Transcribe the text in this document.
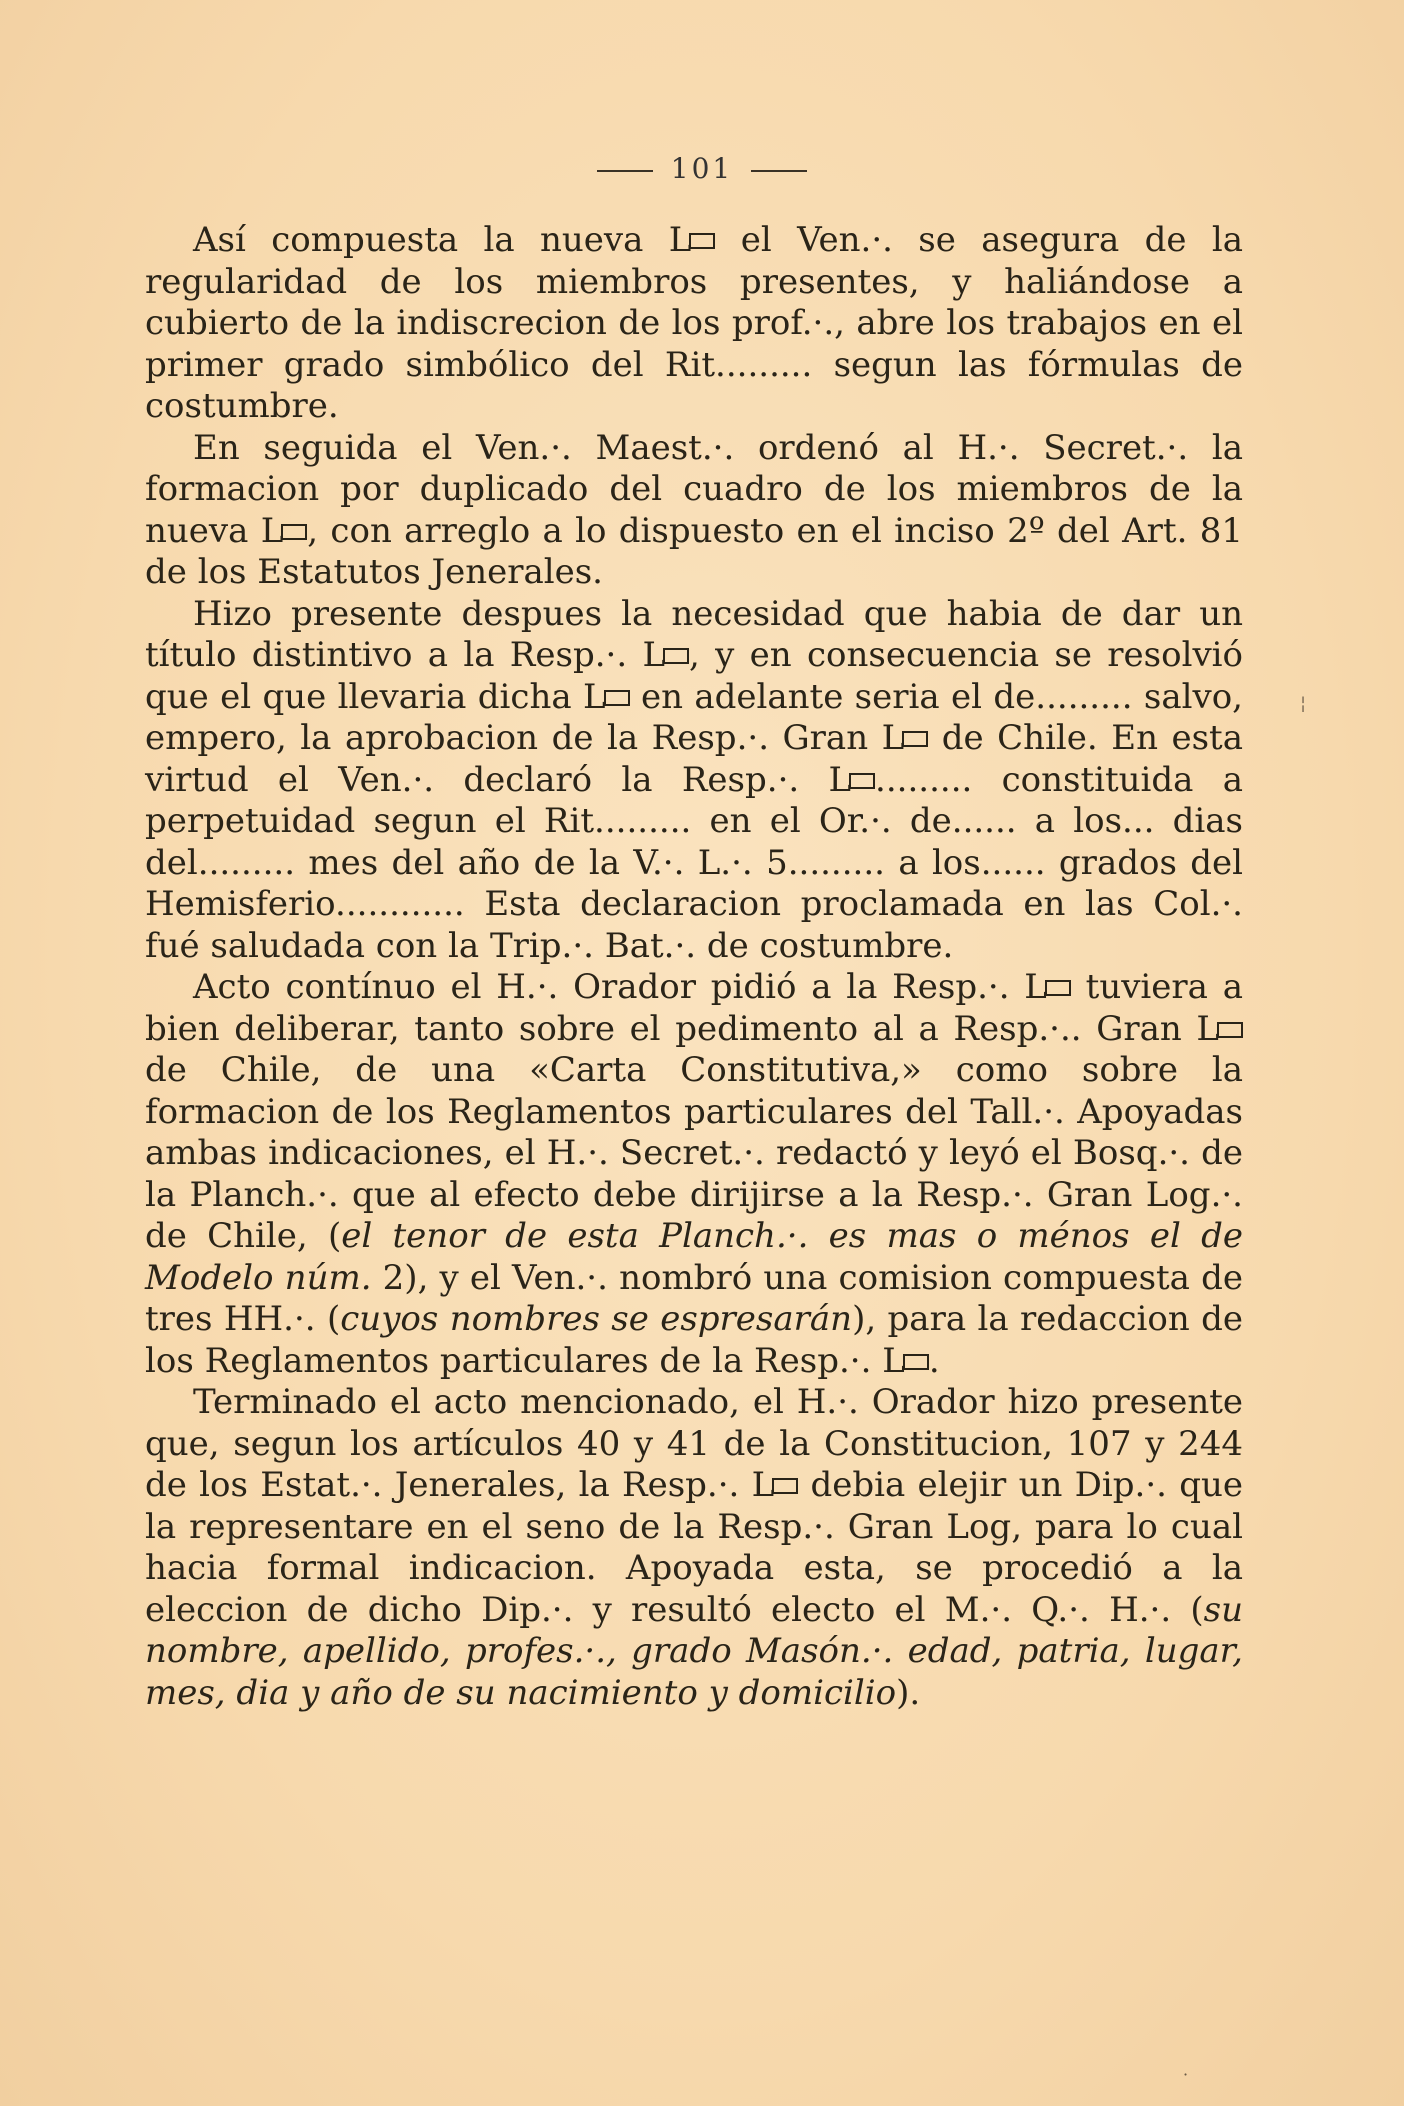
101

Así compuesta la nueva L el Ven.·. se asegura de la regularidad de los miembros presentes, y haliándose a cubierto de la indiscrecion de los prof.·., abre los trabajos en el primer grado simbólico del Rit......... segun las fórmulas de costumbre.

En seguida el Ven.·. Maest.·. ordenó al H.·. Secret.·. la formacion por duplicado del cuadro de los miembros de la nueva L , con arreglo a lo dispuesto en el inciso 2º del Art. 81 de los Estatutos Jenerales.

Hizo presente despues la necesidad que habia de dar un título distintivo a la Resp.·. L , y en consecuencia se resolvió que el que llevaria dicha L en adelante seria el de......... salvo, empero, la aprobacion de la Resp.·. Gran L de Chile. En esta virtud el Ven.·. declaró la Resp.·. L ......... constituida a perpetuidad segun el Rit......... en el Or.·. de...... a los... dias del......... mes del año de la V.·. L.·. 5......... a los...... grados del Hemisferio............ Esta declaracion proclamada en las Col.·. fué saludada con la Trip.·. Bat.·. de costumbre.

Acto contínuo el H.·. Orador pidió a la Resp.·. L tuviera a bien deliberar, tanto sobre el pedimento al a Resp.·.. Gran L de Chile, de una «Carta Constitutiva,» como sobre la formacion de los Reglamentos particulares del Tall.·. Apoyadas ambas indicaciones, el H.·. Secret.·. redactó y leyó el Bosq.·. de la Planch.·. que al efecto debe dirijirse a la Resp.·. Gran Log.·. de Chile, (el tenor de esta Planch.·. es mas o ménos el de Modelo núm. 2), y el Ven.·. nombró una comision compuesta de tres HH.·. (cuyos nombres se espresarán), para la redaccion de los Reglamentos particulares de la Resp.·. L .

Terminado el acto mencionado, el H.·. Orador hizo presente que, segun los artículos 40 y 41 de la Constitucion, 107 y 244 de los Estat.·. Jenerales, la Resp.·. L debia elejir un Dip.·. que la representare en el seno de la Resp.·. Gran Log, para lo cual hacia formal indicacion. Apoyada esta, se procedió a la eleccion de dicho Dip.·. y resultó electo el M.·. Q.·. H.·. (su nombre, apellido, profes.·., grado Masón.·. edad, patria, lugar, mes, dia y año de su nacimiento y domicilio).

¦
·
